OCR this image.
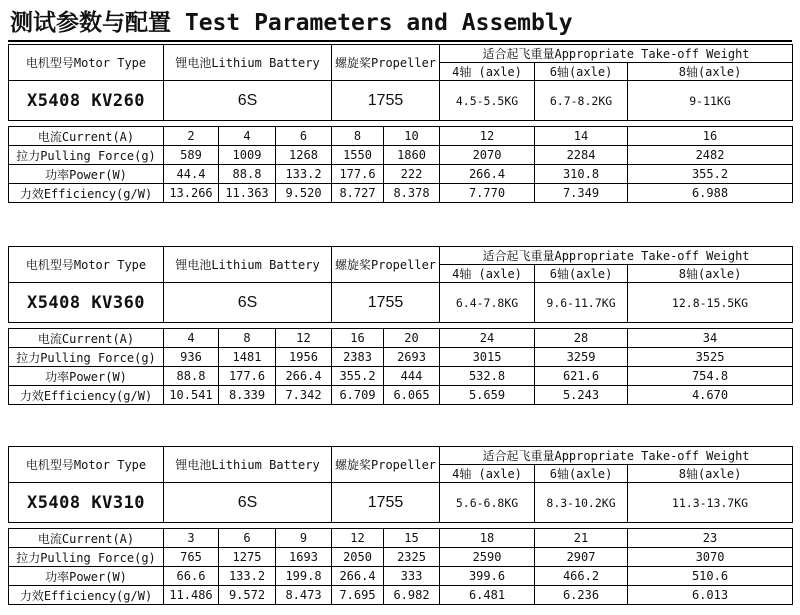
测试参数与配置 Test Parameters and Assembly
电机型号Motor Type	锂电池Lithium Battery			螺旋桨Propeller		适合起飞重量Appropriate Take-off Weight		
						4轴 (axle)	6轴(axle)	8轴(axle)
X5408 KV260	6S			1755		4.5-5.5KG	6.7-8.2KG	9-11KG

电流Current(A)	2	4	6	8	10	12	14	16
拉力Pulling Force(g)	589	1009	1268	1550	1860	2070	2284	2482
功率Power(W)	44.4	88.8	133.2	177.6	222	266.4	310.8	355.2
力效Efficiency(g/W)	13.266	11.363	9.520	8.727	8.378	7.770	7.349	6.988
电机型号Motor Type	锂电池Lithium Battery			螺旋桨Propeller		适合起飞重量Appropriate Take-off Weight		
						4轴 (axle)	6轴(axle)	8轴(axle)
X5408 KV360	6S			1755		6.4-7.8KG	9.6-11.7KG	12.8-15.5KG

电流Current(A)	4	8	12	16	20	24	28	34
拉力Pulling Force(g)	936	1481	1956	2383	2693	3015	3259	3525
功率Power(W)	88.8	177.6	266.4	355.2	444	532.8	621.6	754.8
力效Efficiency(g/W)	10.541	8.339	7.342	6.709	6.065	5.659	5.243	4.670
电机型号Motor Type	锂电池Lithium Battery			螺旋桨Propeller		适合起飞重量Appropriate Take-off Weight		
						4轴 (axle)	6轴(axle)	8轴(axle)
X5408 KV310	6S			1755		5.6-6.8KG	8.3-10.2KG	11.3-13.7KG

电流Current(A)	3	6	9	12	15	18	21	23
拉力Pulling Force(g)	765	1275	1693	2050	2325	2590	2907	3070
功率Power(W)	66.6	133.2	199.8	266.4	333	399.6	466.2	510.6
力效Efficiency(g/W)	11.486	9.572	8.473	7.695	6.982	6.481	6.236	6.013
